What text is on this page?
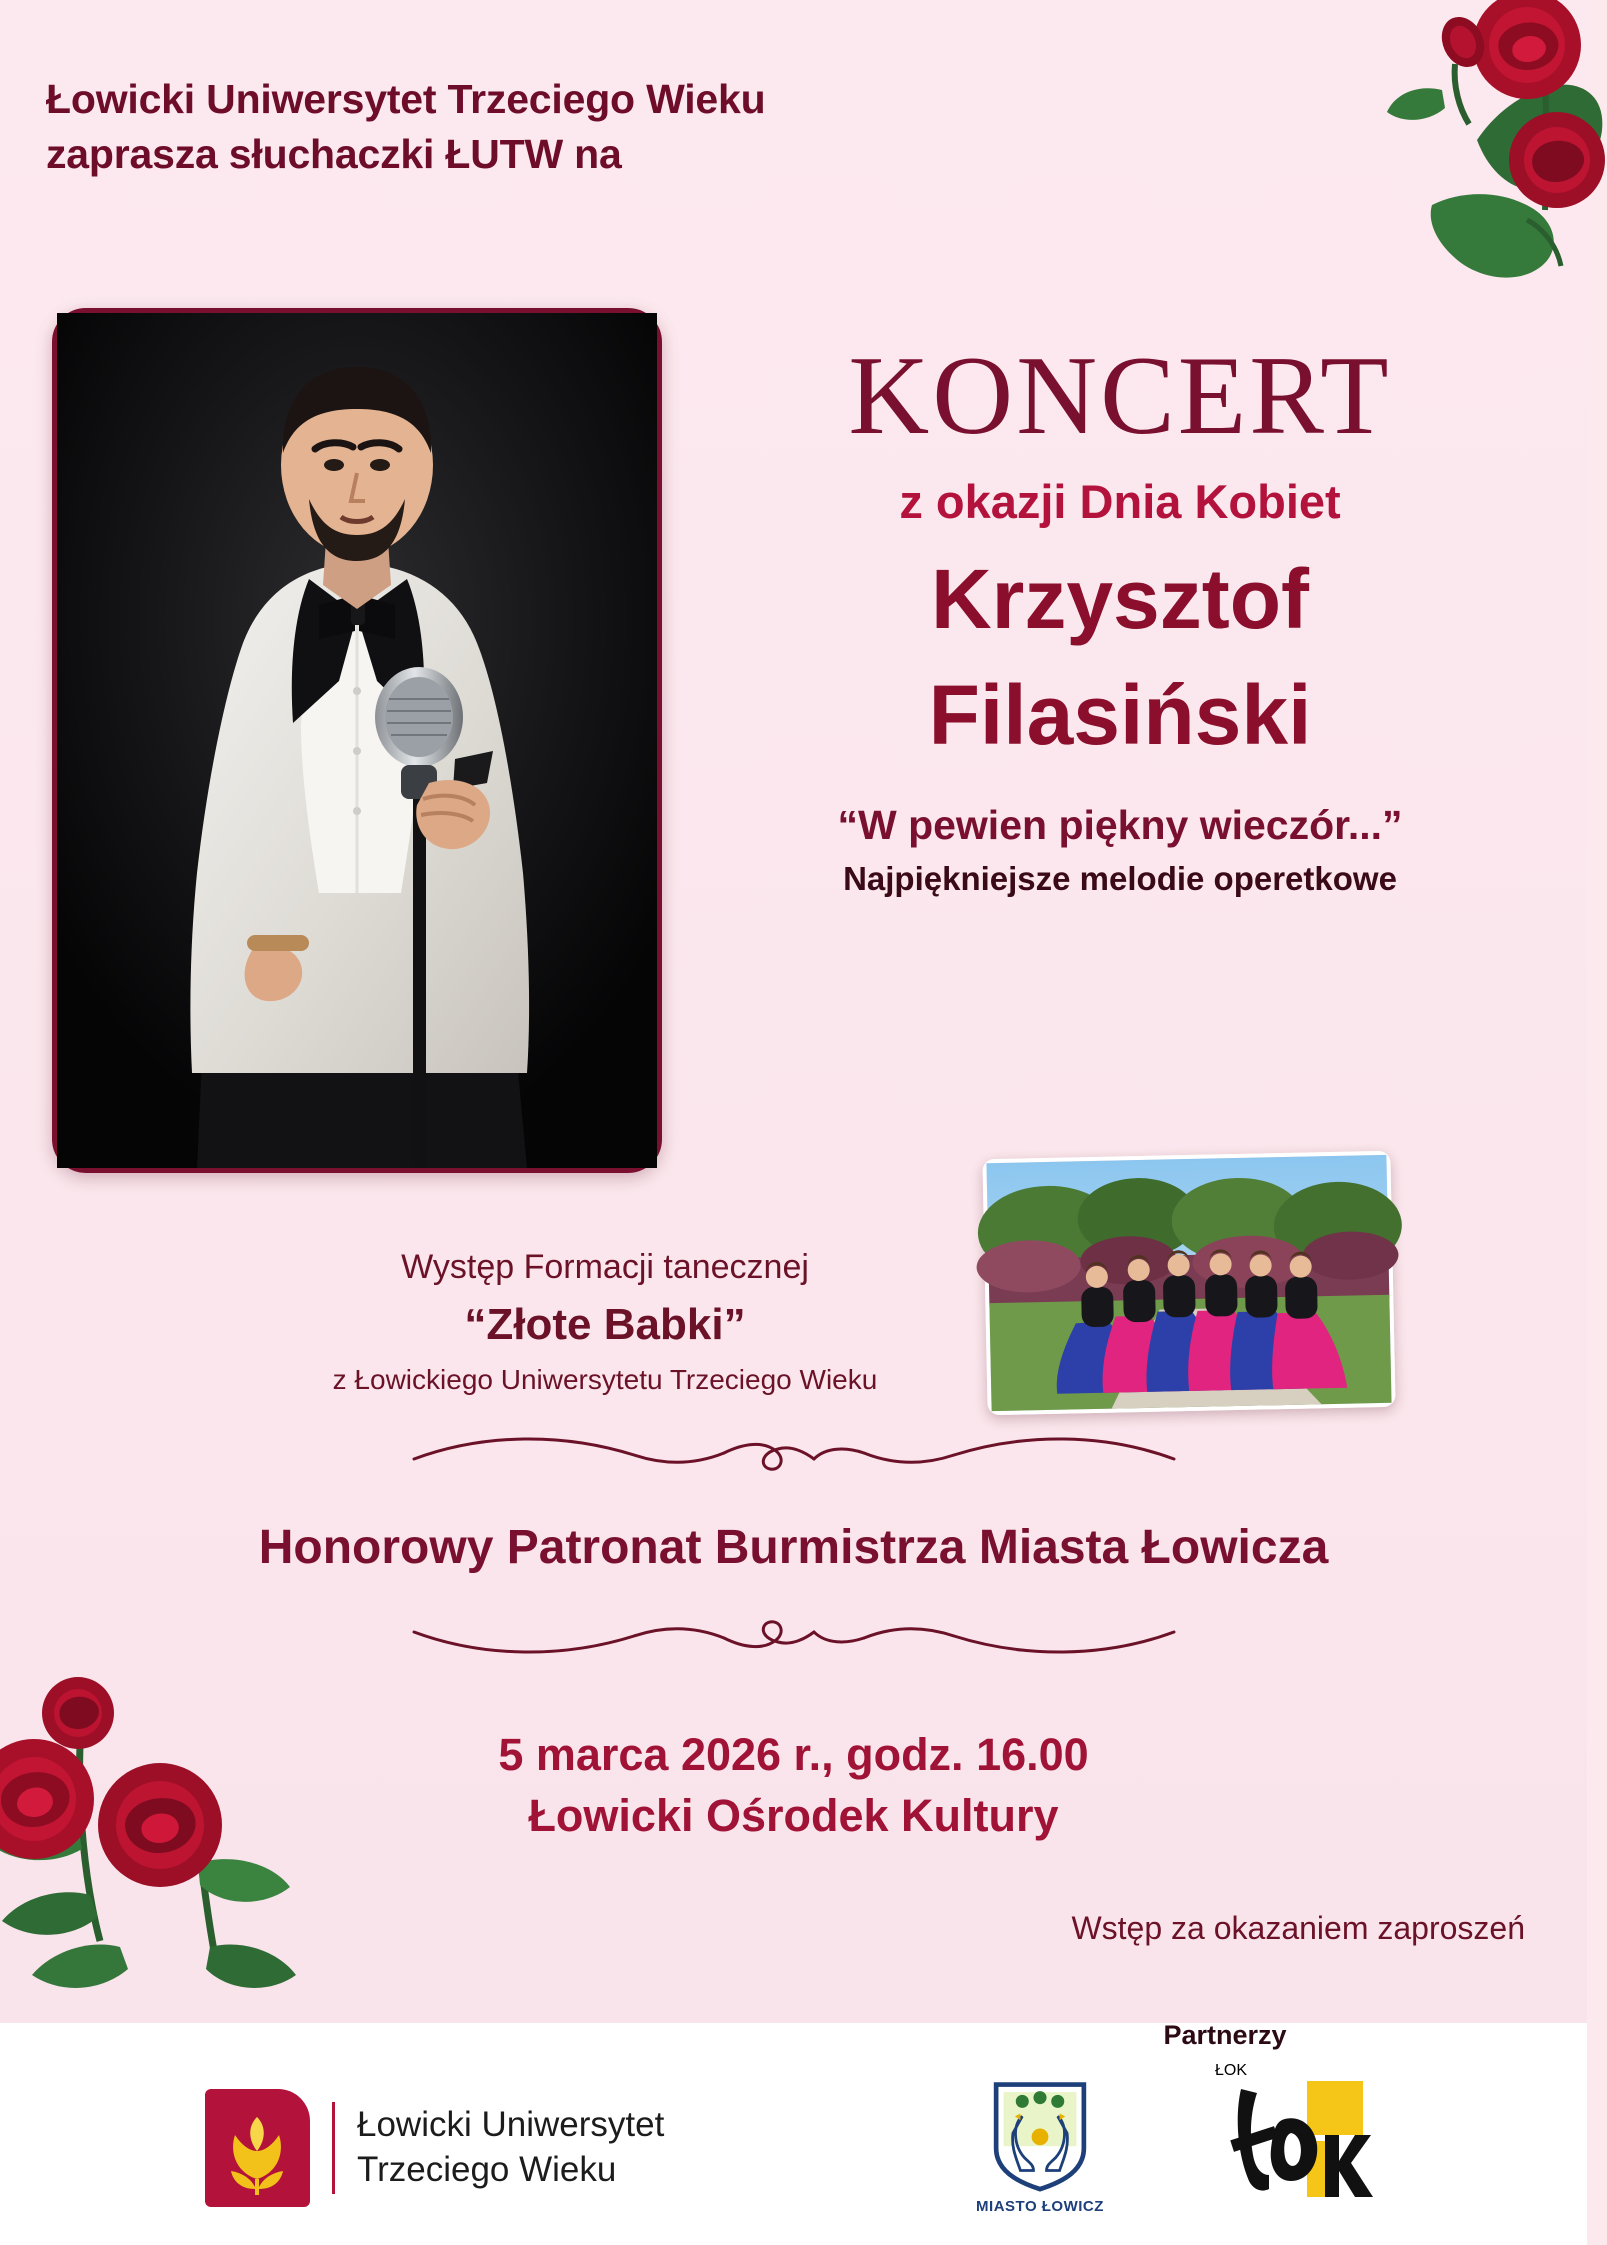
Łowicki Uniwersytet Trzeciego Wieku
zaprasza słuchaczki ŁUTW na
KONCERT
z okazji Dnia Kobiet
Krzysztof
Filasiński
“W pewien piękny wieczór...”
Najpiękniejsze melodie operetkowe
Występ Formacji tanecznej
“Złote Babki”
z Łowickiego Uniwersytetu Trzeciego Wieku
Honorowy Patronat Burmistrza Miasta Łowicza
5 marca 2026 r., godz. 16.00
Łowicki Ośrodek Kultury
Wstęp za okazaniem zaproszeń
Partnerzy
Łowicki Uniwersytet
Trzeciego Wieku
MIASTO ŁOWICZ
ŁOK
